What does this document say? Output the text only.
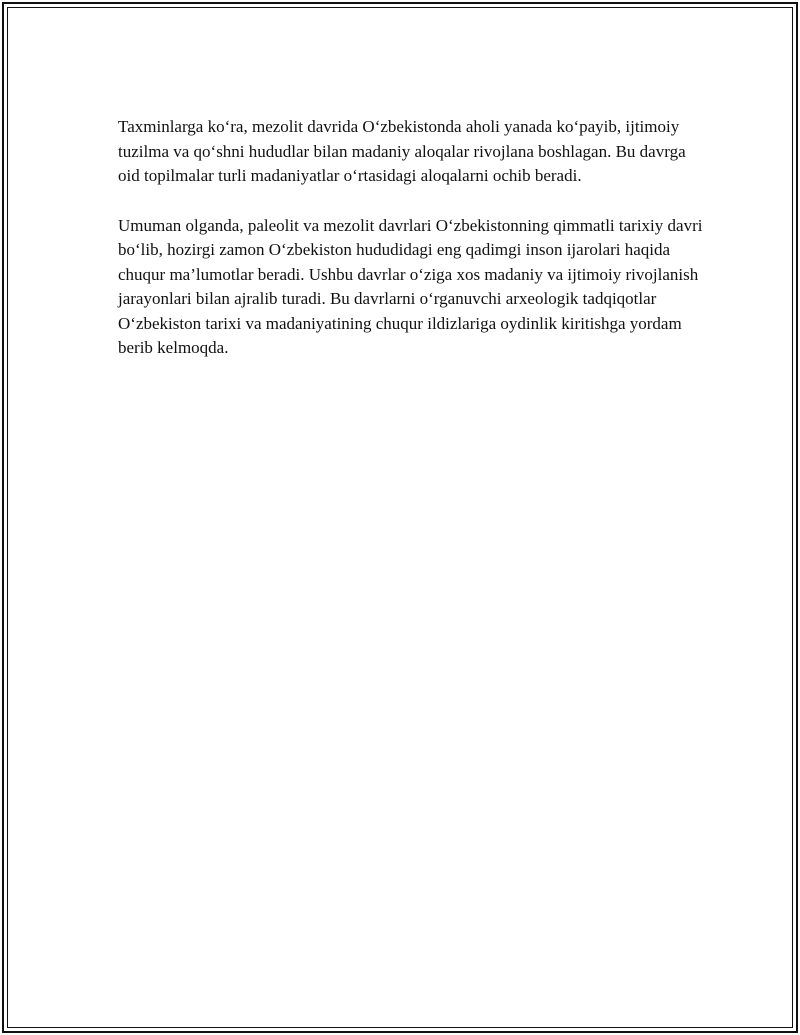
Taxminlarga ko‘ra, mezolit davrida O‘zbekistonda aholi yanada ko‘payib, ijtimoiy tuzilma va qo‘shni hududlar bilan madaniy aloqalar rivojlana boshlagan. Bu davrga oid topilmalar turli madaniyatlar o‘rtasidagi aloqalarni ochib beradi.

Umuman olganda, paleolit va mezolit davrlari O‘zbekistonning qimmatli tarixiy davri bo‘lib, hozirgi zamon O‘zbekiston hududidagi eng qadimgi inson ijarolari haqida chuqur ma’lumotlar beradi. Ushbu davrlar o‘ziga xos madaniy va ijtimoiy rivojlanish jarayonlari bilan ajralib turadi. Bu davrlarni o‘rganuvchi arxeologik tadqiqotlar O‘zbekiston tarixi va madaniyatining chuqur ildizlariga oydinlik kiritishga yordam berib kelmoqda.
